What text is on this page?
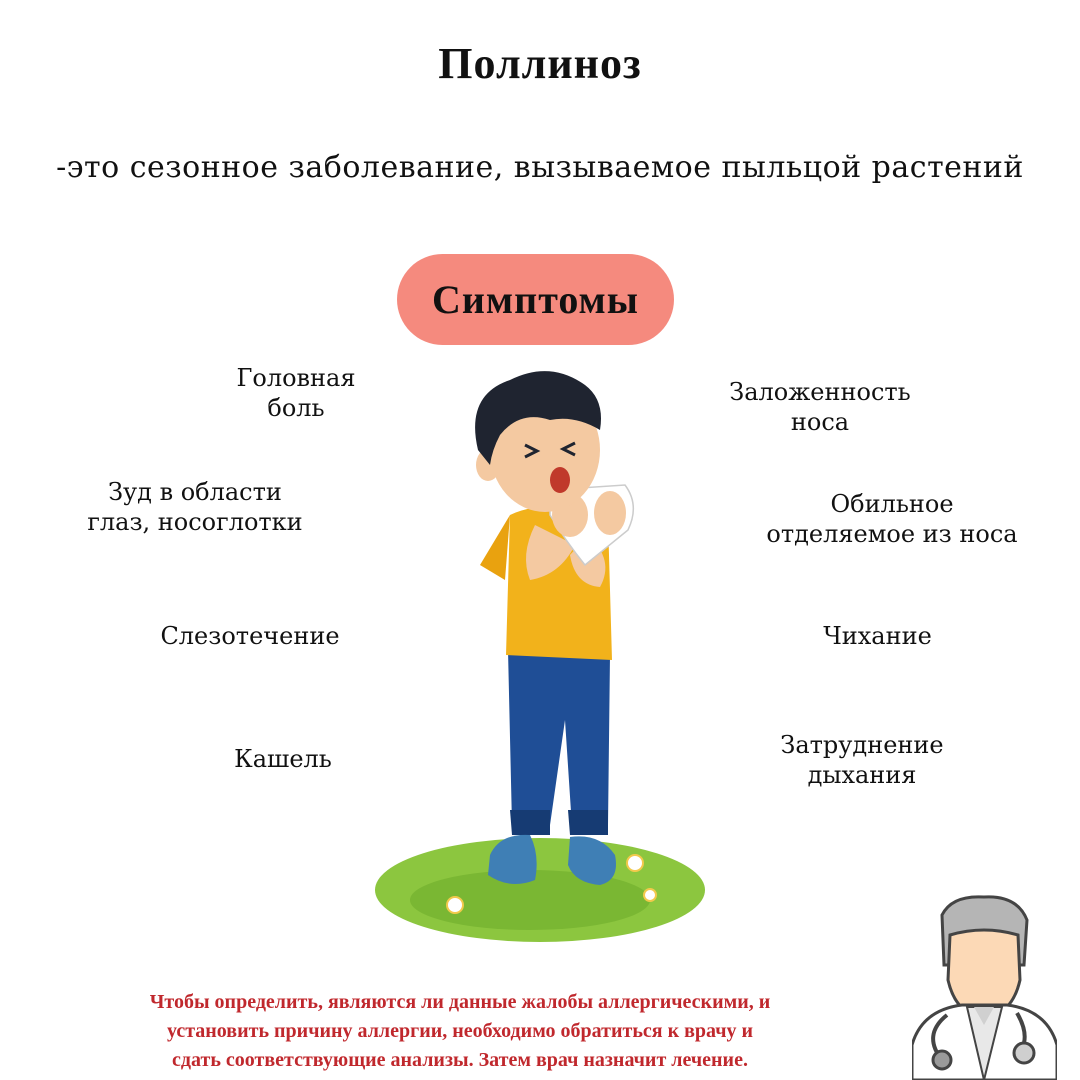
Поллиноз
-это сезонное заболевание, вызываемое пыльцой растений
Симптомы
Головная
боль
Зуд в области
глаз, носоглотки
Слезотечение
Кашель
Заложенность
носа
Обильное
отделяемое из носа
Чихание
Затруднение
дыхания
Чтобы определить, являются ли данные жалобы аллергическими, и
установить причину аллергии, необходимо обратиться к врачу и
сдать соответствующие анализы. Затем врач назначит лечение.
